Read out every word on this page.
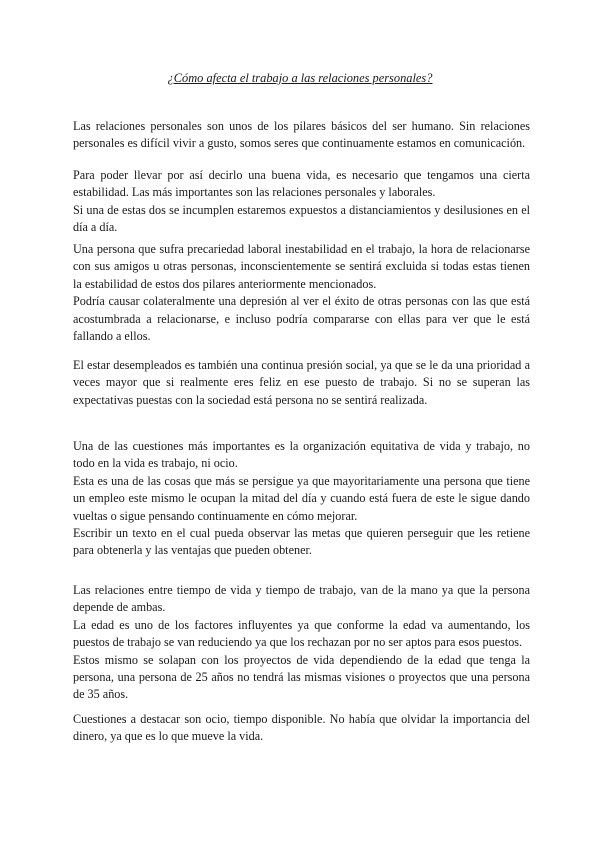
¿Cómo afecta el trabajo a las relaciones personales?

Las relaciones personales son unos de los pilares básicos del ser humano. Sin relaciones personales es difícil vivir a gusto, somos seres que continuamente estamos en comunicación.

Para poder llevar por así decirlo una buena vida, es necesario que tengamos una cierta estabilidad. Las más importantes son las relaciones personales y laborales.
Si una de estas dos se incumplen estaremos expuestos a distanciamientos y desilusiones en el día a día.

Una persona que sufra precariedad laboral inestabilidad en el trabajo, la hora de relacionarse con sus amigos u otras personas, inconscientemente se sentirá excluida si todas estas tienen la estabilidad de estos dos pilares anteriormente mencionados.
Podría causar colateralmente una depresión al ver el éxito de otras personas con las que está acostumbrada a relacionarse, e incluso podría compararse con ellas para ver que le está fallando a ellos.

El estar desempleados es también una continua presión social, ya que se le da una prioridad a veces mayor que si realmente eres feliz en ese puesto de trabajo. Si no se superan las expectativas puestas con la sociedad está persona no se sentirá realizada.

Una de las cuestiones más importantes es la organización equitativa de vida y trabajo, no todo en la vida es trabajo, ni ocio.
Esta es una de las cosas que más se persigue ya que mayoritariamente una persona que tiene un empleo este mismo le ocupan la mitad del día y cuando está fuera de este le sigue dando vueltas o sigue pensando continuamente en cómo mejorar.
Escribir un texto en el cual pueda observar las metas que quieren perseguir que les retiene para obtenerla y las ventajas que pueden obtener.

Las relaciones entre tiempo de vida y tiempo de trabajo, van de la mano ya que la persona depende de ambas.
La edad es uno de los factores influyentes ya que conforme la edad va aumentando, los puestos de trabajo se van reduciendo ya que los rechazan por no ser aptos para esos puestos.
Estos mismo se solapan con los proyectos de vida dependiendo de la edad que tenga la persona, una persona de 25 años no tendrá las mismas visiones o proyectos que una persona de 35 años.

Cuestiones a destacar son ocio, tiempo disponible. No había que olvidar la importancia del dinero, ya que es lo que mueve la vida.
